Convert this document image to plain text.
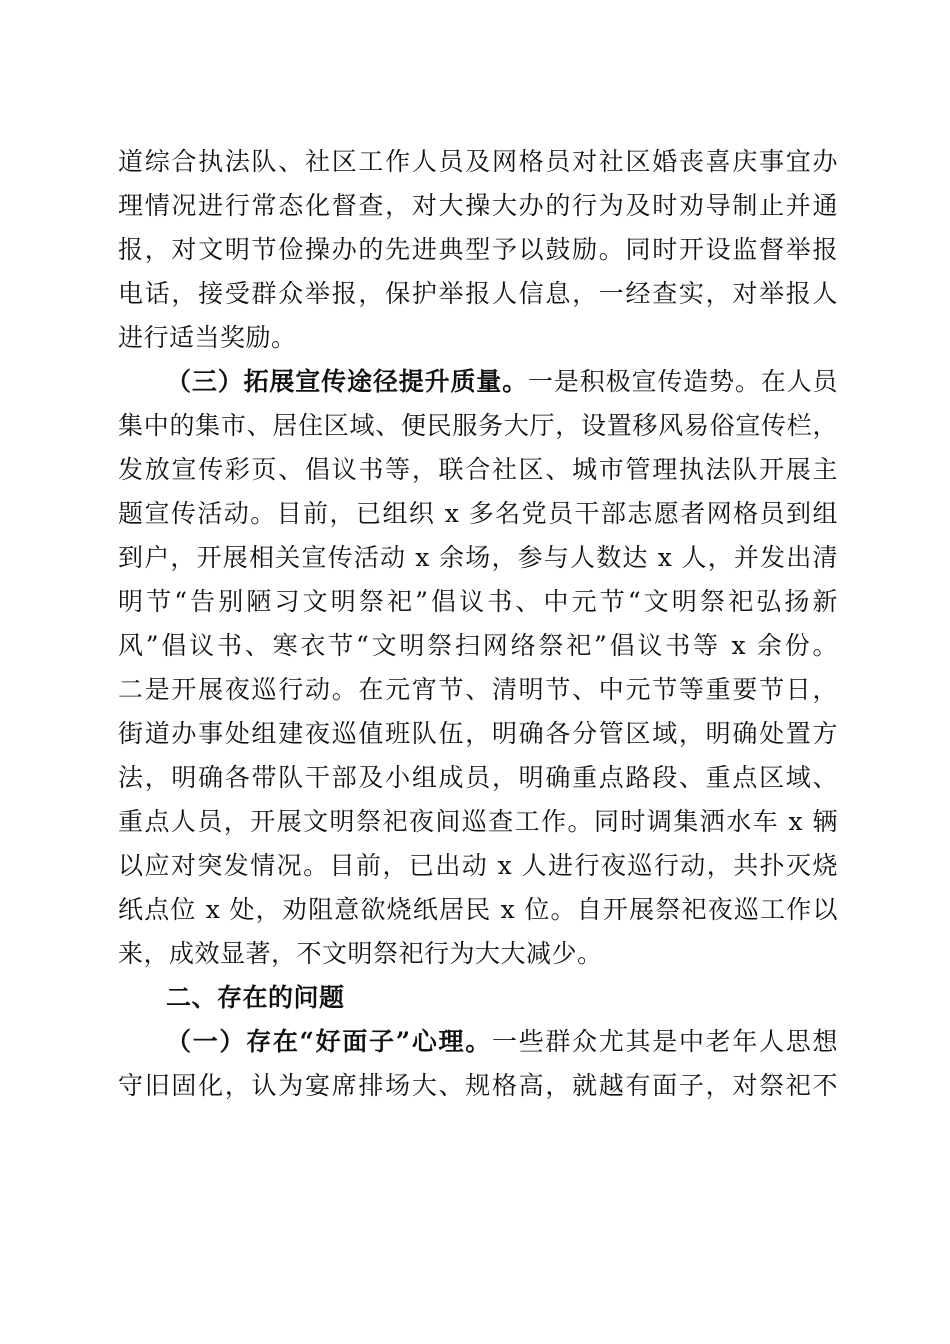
道综合执法队、社区工作人员及网格员对社区婚丧喜庆事宜办
理情况进行常态化督查，对大操大办的行为及时劝导制止并通
报，对文明节俭操办的先进典型予以鼓励。同时开设监督举报
电话，接受群众举报，保护举报人信息，一经查实，对举报人
进行适当奖励。
（三）拓展宣传途径提升质量。一是积极宣传造势。在人员
集中的集市、居住区域、便民服务大厅，设置移风易俗宣传栏，
发放宣传彩页、倡议书等，联合社区、城市管理执法队开展主
题宣传活动。目前，已组织 x 多名党员干部志愿者网格员到组
到户，开展相关宣传活动 x 余场，参与人数达 x 人，并发出清
明节“告别陋习文明祭祀”倡议书、中元节“文明祭祀弘扬新
风”倡议书、寒衣节“文明祭扫网络祭祀”倡议书等 x 余份。
二是开展夜巡行动。在元宵节、清明节、中元节等重要节日，
街道办事处组建夜巡值班队伍，明确各分管区域，明确处置方
法，明确各带队干部及小组成员，明确重点路段、重点区域、
重点人员，开展文明祭祀夜间巡查工作。同时调集洒水车 x 辆
以应对突发情况。目前，已出动 x 人进行夜巡行动，共扑灭烧
纸点位 x 处，劝阻意欲烧纸居民 x 位。自开展祭祀夜巡工作以
来，成效显著，不文明祭祀行为大大减少。
二、存在的问题
（一）存在“好面子”心理。一些群众尤其是中老年人思想
守旧固化，认为宴席排场大、规格高，就越有面子，对祭祀不
